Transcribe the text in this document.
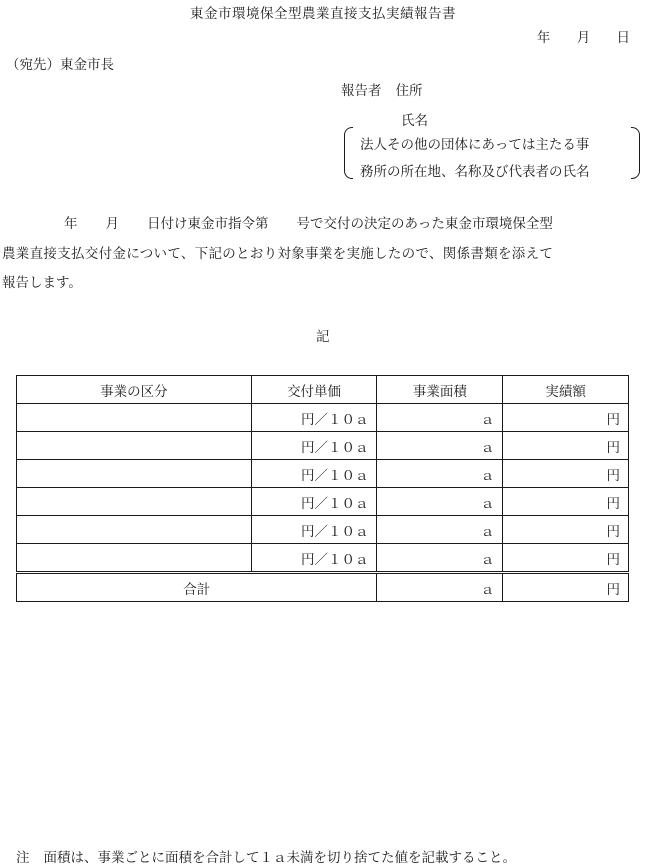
東金市環境保全型農業直接支払実績報告書
年 月 日
（宛先）東金市長
報告者 住所
氏名
法人その他の団体にあっては主たる事
務所の所在地、名称及び代表者の氏名
年 月 日付け東金市指令第 号で交付の決定のあった東金市環境保全型
農業直接支払交付金について、下記のとおり対象事業を実施したので、関係書類を添えて
報告します。
記
事業の区分	交付単価	事業面積	実績額
	円／１０ａ	ａ	円
	円／１０ａ	ａ	円
	円／１０ａ	ａ	円
	円／１０ａ	ａ	円
	円／１０ａ	ａ	円
	円／１０ａ	ａ	円
合計		ａ	円
注 面積は、事業ごとに面積を合計して１ａ未満を切り捨てた値を記載すること。
